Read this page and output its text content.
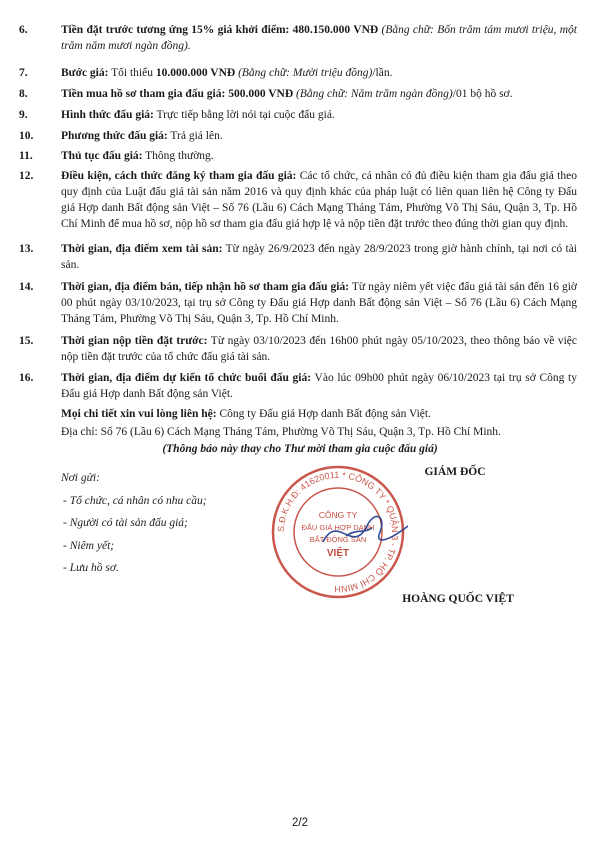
6.	Tiền đặt trước tương ứng 15% giá khởi điểm: 480.150.000 VNĐ (Bằng chữ: Bốn trăm tám mươi triệu, một trăm năm mươi ngàn đồng).
7.	Bước giá: Tối thiểu 10.000.000 VNĐ (Bằng chữ: Mười triệu đồng)/lần.
8.	Tiền mua hồ sơ tham gia đấu giá: 500.000 VNĐ (Bằng chữ: Năm trăm ngàn đồng)/01 bộ hồ sơ.
9.	Hình thức đấu giá: Trực tiếp bằng lời nói tại cuộc đấu giá.
10. Phương thức đấu giá: Trả giá lên.
11. Thủ tục đấu giá: Thông thường.
12. Điều kiện, cách thức đăng ký tham gia đấu giá: Các tổ chức, cá nhân có đủ điều kiện tham gia đấu giá theo quy định của Luật đấu giá tài sản năm 2016 và quy định khác của pháp luật có liên quan liên hệ Công ty Đấu giá Hợp danh Bất động sản Việt – Số 76 (Lầu 6) Cách Mạng Tháng Tám, Phường Võ Thị Sáu, Quận 3, Tp. Hồ Chí Minh để mua hồ sơ, nộp hồ sơ tham gia đấu giá hợp lệ và nộp tiền đặt trước theo đúng thời gian quy định.
13. Thời gian, địa điểm xem tài sản: Từ ngày 26/9/2023 đến ngày 28/9/2023 trong giờ hành chính, tại nơi có tài sản.
14. Thời gian, địa điểm bán, tiếp nhận hồ sơ tham gia đấu giá: Từ ngày niêm yết việc đấu giá tài sản đến 16 giờ 00 phút ngày 03/10/2023, tại trụ sở Công ty Đấu giá Hợp danh Bất động sản Việt – Số 76 (Lầu 6) Cách Mạng Tháng Tám, Phường Võ Thị Sáu, Quận 3, Tp. Hồ Chí Minh.
15. Thời gian nộp tiền đặt trước: Từ ngày 03/10/2023 đến 16h00 phút ngày 05/10/2023, theo thông báo về việc nộp tiền đặt trước của tổ chức đấu giá tài sản.
16. Thời gian, địa điểm dự kiến tổ chức buổi đấu giá: Vào lúc 09h00 phút ngày 06/10/2023 tại trụ sở Công ty Đấu giá Hợp danh Bất động sản Việt.
Mọi chi tiết xin vui lòng liên hệ: Công ty Đấu giá Hợp danh Bất động sản Việt.
Địa chỉ: Số 76 (Lầu 6) Cách Mạng Tháng Tám, Phường Võ Thị Sáu, Quận 3, Tp. Hồ Chí Minh.
(Thông báo này thay cho Thư mời tham gia cuộc đấu giá)
Nơi gửi:
- Tổ chức, cá nhân có nhu cầu;
- Người có tài sản đấu giá;
- Niêm yết;
- Lưu hồ sơ.
S.Đ.K.H.Đ: 41620011 * CÔNG TY * QUẬN 3 - TP. HỒ CHÍ MINH
CÔNG TY
ĐẤU GIÁ HỢP DANH
BẤT ĐỘNG SẢN
VIỆT
GIÁM ĐỐC
HOÀNG QUỐC VIỆT
2/2
